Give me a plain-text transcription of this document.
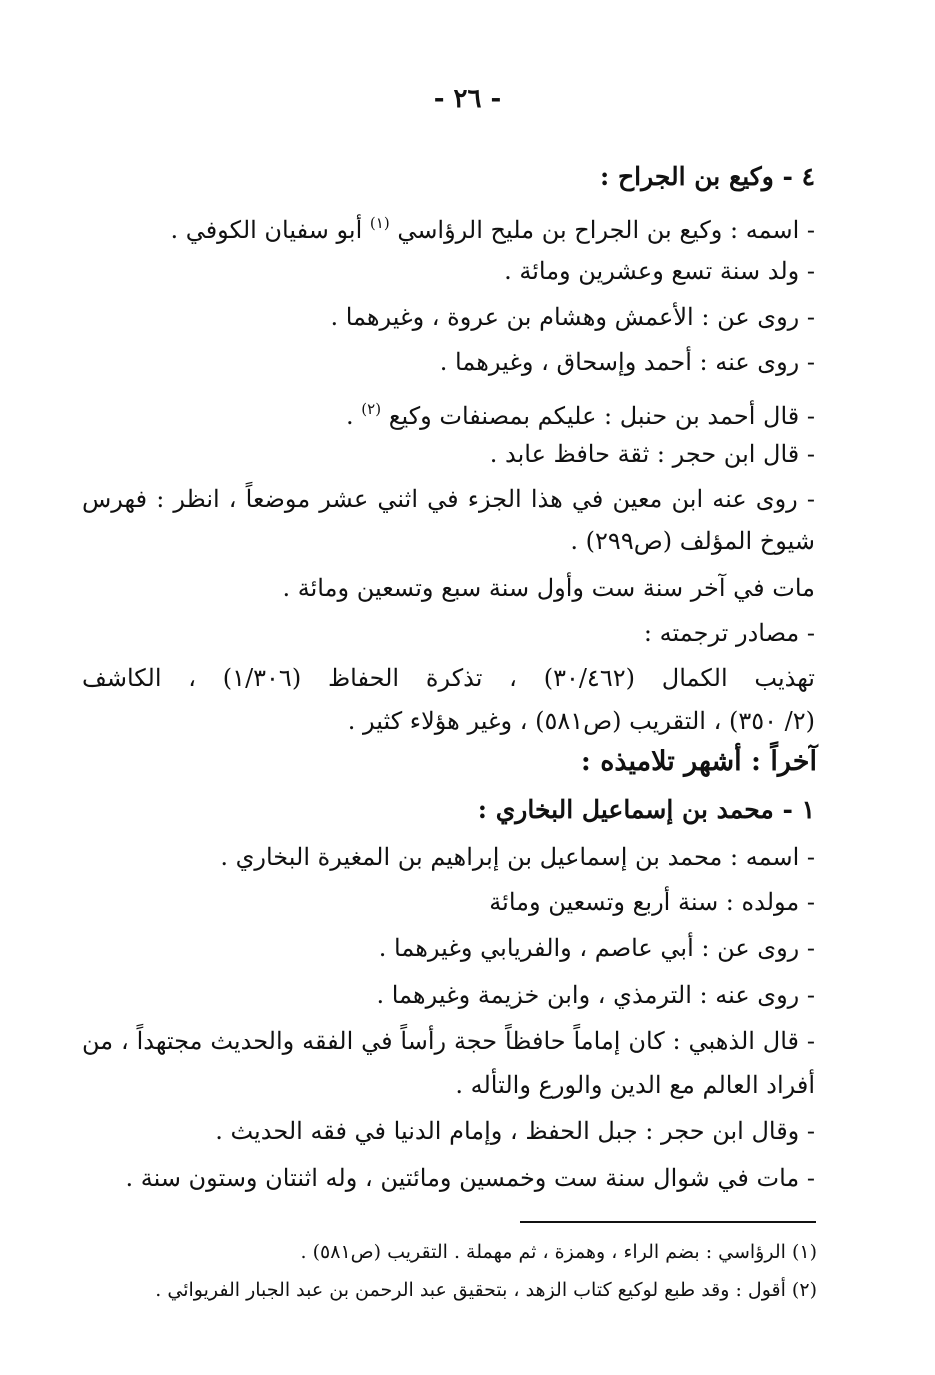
- ٢٦ -
٤ - وكيع بن الجراح :
- اسمه : وكيع بن الجراح بن مليح الرؤاسي $^{(١)}$ أبو سفيان الكوفي .
- ولد سنة تسع وعشرين ومائة .
- روى عن : الأعمش وهشام بن عروة ، وغيرهما .
- روى عنه : أحمد وإسحاق ، وغيرهما .
- قال أحمد بن حنبل : عليكم بمصنفات وكيع $^{(٢)}$ .
- قال ابن حجر : ثقة حافظ عابد .
- روى عنه ابن معين في هذا الجزء في اثني عشر موضعاً ، انظر : فهرس
شيوخ المؤلف (ص٢٩٩) .
مات في آخر سنة ست وأول سنة سبع وتسعين ومائة .
- مصادر ترجمته :
تهذيب الكمال (٣٠/٤٦٢) ، تذكرة الحفاظ (١/٣٠٦) ، الكاشف
(٢/ ٣٥٠) ، التقريب (ص٥٨١) ، وغير هؤلاء كثير .
آخراً : أشهر تلاميذه :
١ - محمد بن إسماعيل البخاري :
- اسمه : محمد بن إسماعيل بن إبراهيم بن المغيرة البخاري .
- مولده : سنة أربع وتسعين ومائة
- روى عن : أبي عاصم ، والفريابي وغيرهما .
- روى عنه : الترمذي ، وابن خزيمة وغيرهما .
- قال الذهبي : كان إماماً حافظاً حجة رأساً في الفقه والحديث مجتهداً ، من
أفراد العالم مع الدين والورع والتأله .
- وقال ابن حجر : جبل الحفظ ، وإمام الدنيا في فقه الحديث .
- مات في شوال سنة ست وخمسين ومائتين ، وله اثنتان وستون سنة .
(١) الرؤاسي : بضم الراء ، وهمزة ، ثم مهملة . التقريب (ص٥٨١) .
(٢) أقول : وقد طبع لوكيع كتاب الزهد ، بتحقيق عبد الرحمن بن عبد الجبار الفريوائي .
